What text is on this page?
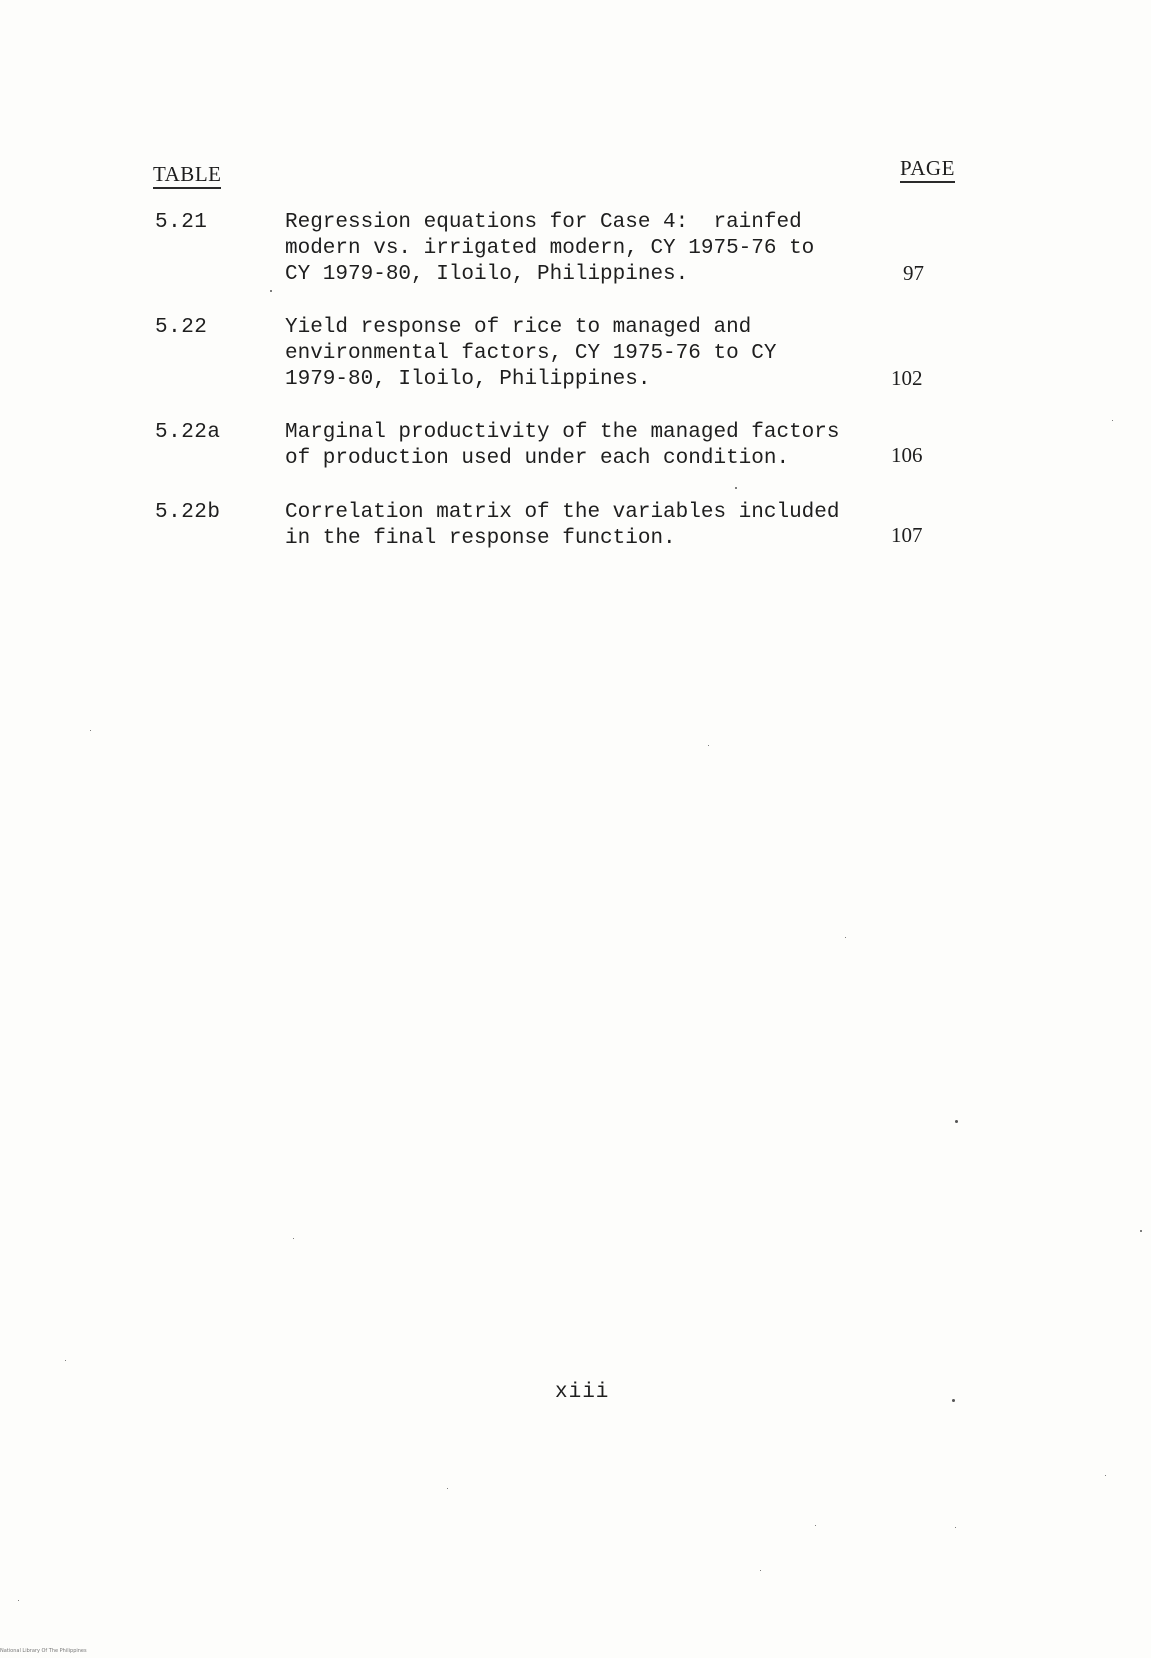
TABLE	PAGE
5.21	Regression equations for Case 4:  rainfed
modern vs. irrigated modern, CY 1975-76 to
CY 1979-80, Iloilo, Philippines.	97
5.22	Yield response of rice to managed and
environmental factors, CY 1975-76 to CY
1979-80, Iloilo, Philippines.	102
5.22a	Marginal productivity of the managed factors
of production used under each condition.	106
5.22b	Correlation matrix of the variables included
in the final response function.	107
xiii
National Library Of The Philippines
